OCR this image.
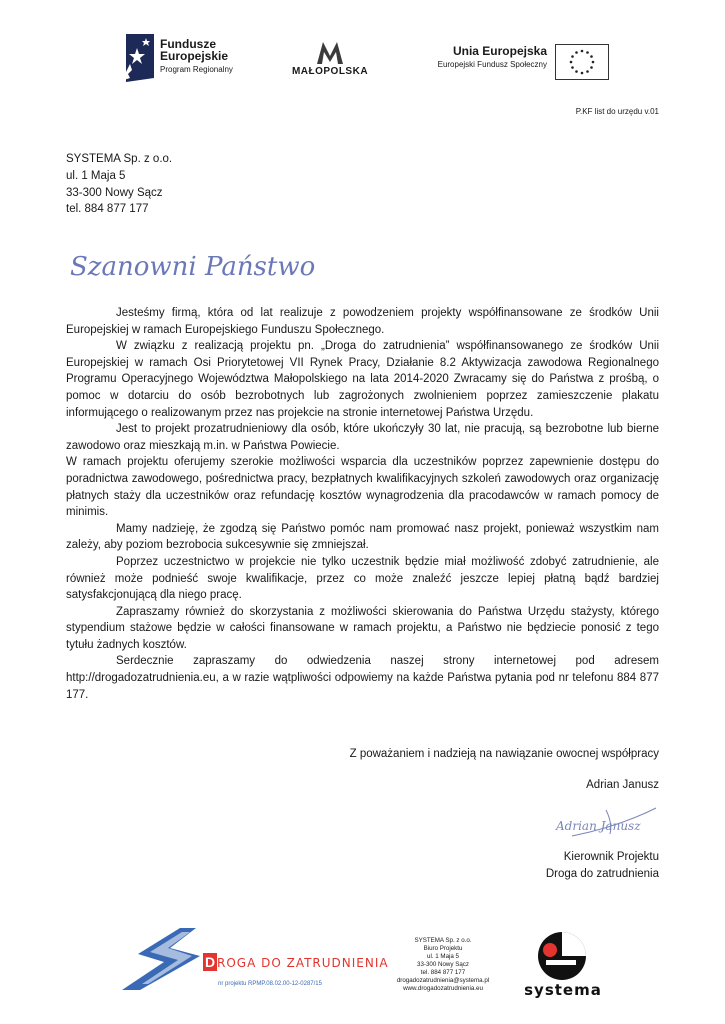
Fundusze
Europejskie
Program Regionalny	MAŁOPOLSKA
Unia Europejska
Europejski Fundusz Społeczny
P.KF list do urzędu v.01
SYSTEMA Sp. z o.o.
ul. 1 Maja 5
33-300 Nowy Sącz
tel. 884 877 177
Szanowni Państwo

Jesteśmy firmą, która od lat realizuje z powodzeniem projekty współfinansowane ze środków Unii Europejskiej w ramach Europejskiego Funduszu Społecznego.

W związku z realizacją projektu pn. „Droga do zatrudnienia” współfinansowanego ze środków Unii Europejskiej w ramach Osi Priorytetowej VII Rynek Pracy, Działanie 8.2 Aktywizacja zawodowa Regionalnego Programu Operacyjnego Województwa Małopolskiego na lata 2014-2020 Zwracamy się do Państwa z prośbą, o pomoc w dotarciu do osób bezrobotnych lub zagrożonych zwolnieniem poprzez zamieszczenie plakatu informującego o realizowanym przez nas projekcie na stronie internetowej Państwa Urzędu.

Jest to projekt prozatrudnieniowy dla osób, które ukończyły 30 lat, nie pracują, są bezrobotne lub bierne zawodowo oraz mieszkają m.in. w Państwa Powiecie.

W ramach projektu oferujemy szerokie możliwości wsparcia dla uczestników poprzez zapewnienie dostępu do poradnictwa zawodowego, pośrednictwa pracy, bezpłatnych kwalifikacyjnych szkoleń zawodowych oraz organizację płatnych staży dla uczestników oraz refundację kosztów wynagrodzenia dla pracodawców w ramach pomocy de minimis.

Mamy nadzieję, że zgodzą się Państwo pomóc nam promować nasz projekt, ponieważ wszystkim nam zależy, aby poziom bezrobocia sukcesywnie się zmniejszał.

Poprzez uczestnictwo w projekcie nie tylko uczestnik będzie miał możliwość zdobyć zatrudnienie, ale również może podnieść swoje kwalifikacje, przez co może znaleźć jeszcze lepiej płatną bądź bardziej satysfakcjonującą dla niego pracę.

Zapraszamy również do skorzystania z możliwości skierowania do Państwa Urzędu stażysty, którego stypendium stażowe będzie w całości finansowane w ramach projektu, a Państwo nie będziecie ponosić z tego tytułu żadnych kosztów.

Serdecznie zapraszamy do odwiedzenia naszej strony internetowej pod adresem http://drogadozatrudnienia.eu, a w razie wątpliwości odpowiemy na każde Państwa pytania pod nr telefonu 884 877 177.

Z poważaniem i nadzieją na nawiązanie owocnej współpracy
Adrian Janusz
Adrian Janusz
Kierownik Projektu
Droga do zatrudnienia
D ROGA DO ZATRUDNIENIA
nr projektu RPMP.08.02.00-12-0287/15
SYSTEMA Sp. z o.o.
Biuro Projektu
ul. 1 Maja 5
33-300 Nowy Sącz
tel. 884 877 177
drogadozatrudnienia@systema.pl
www.drogadozatrudnienia.eu	systema
